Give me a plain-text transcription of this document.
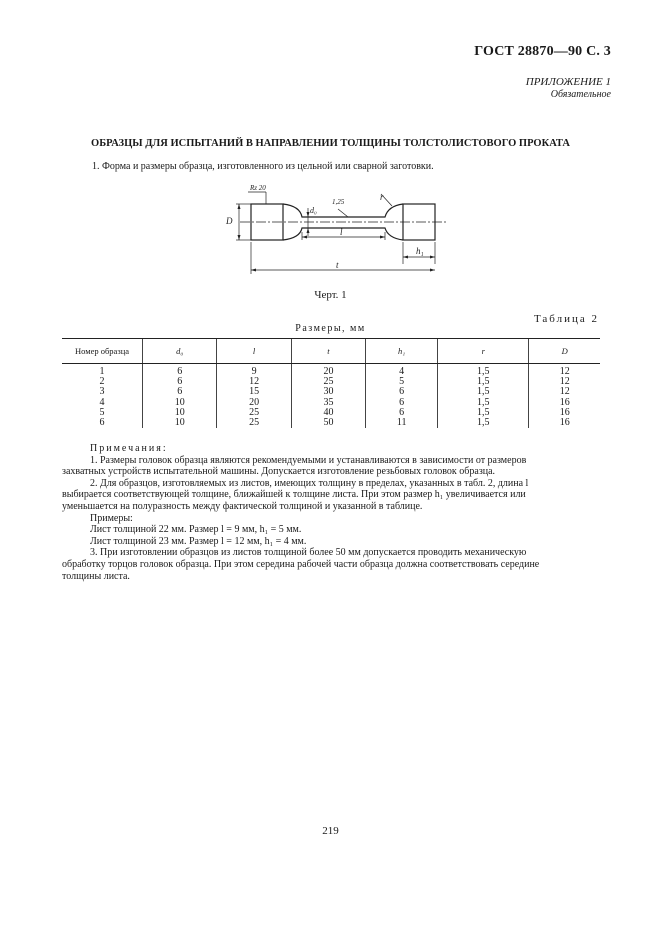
ГОСТ 28870—90 С. 3
ПРИЛОЖЕНИЕ 1
Обязательное
ОБРАЗЦЫ ДЛЯ ИСПЫТАНИЙ В НАПРАВЛЕНИИ ТОЛЩИНЫ ТОЛСТОЛИСТОВОГО ПРОКАТА
1. Форма и размеры образца, изготовленного из цельной или сварной заготовки.
Rz 20
1,25	r
D
d₀
l
h₁
t
Черт. 1
Таблица 2
Размеры, мм
Номер образца	d₀	l	t	h₁	r	D
1	6	9	20	4	1,5	12
2	6	12	25	5	1,5	12
3	6	15	30	6	1,5	12
4	10	20	35	6	1,5	16
5	10	25	40	6	1,5	16
6	10	25	50	11	1,5	16

Примечания:

1. Размеры головок образца являются рекомендуемыми и устанавливаются в зависимости от размеров

захватных устройств испытательной машины. Допускается изготовление резьбовых головок образца.

2. Для образцов, изготовляемых из листов, имеющих толщину в пределах, указанных в табл. 2, длина l

выбирается соответствующей толщине, ближайшей к толщине листа. При этом размер h₁ увеличивается или

уменьшается на полуразность между фактической толщиной и указанной в таблице.

Примеры:

Лист толщиной 22 мм. Размер l = 9 мм, h₁ = 5 мм.

Лист толщиной 23 мм. Размер l = 12 мм, h₁ = 4 мм.

3. При изготовлении образцов из листов толщиной более 50 мм допускается проводить механическую

обработку торцов головок образца. При этом середина рабочей части образца должна соответствовать середине

толщины листа.

219
